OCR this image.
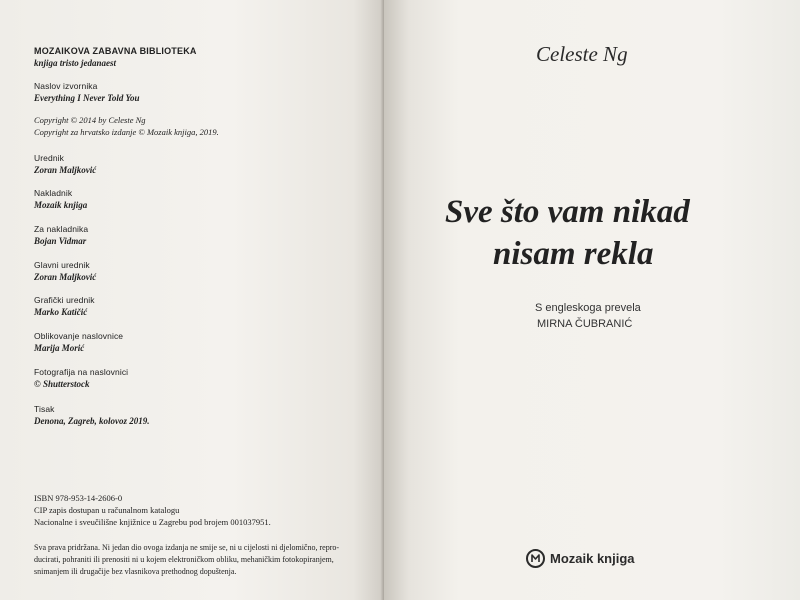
MOZAIKOVA ZABAVNA BIBLIOTEKA
knjiga tristo jedanaest
Naslov izvornika
Everything I Never Told You
Copyright © 2014 by Celeste Ng
Copyright za hrvatsko izdanje © Mozaik knjiga, 2019.
Urednik
Zoran Maljković
Nakladnik
Mozaik knjiga
Za nakladnika
Bojan Vidmar
Glavni urednik
Zoran Maljković
Grafički urednik
Marko Katičić
Oblikovanje naslovnice
Marija Morić
Fotografija na naslovnici
© Shutterstock
Tisak
Denona, Zagreb, kolovoz 2019.
ISBN 978-953-14-2606-0
CIP zapis dostupan u računalnom katalogu
Nacionalne i sveučilišne knjižnice u Zagrebu pod brojem 001037951.
Sva prava pridržana. Ni jedan dio ovoga izdanja ne smije se, ni u cijelosti ni djelomično, repro-
ducirati, pohraniti ili prenositi ni u kojem elektroničkom obliku, mehaničkim fotokopiranjem,
snimanjem ili drugačije bez vlasnikova prethodnog dopuštenja.
Celeste Ng
Sve što vam nikad
nisam rekla
S engleskoga prevela
MIRNA ČUBRANIĆ
Mozaik knjiga
